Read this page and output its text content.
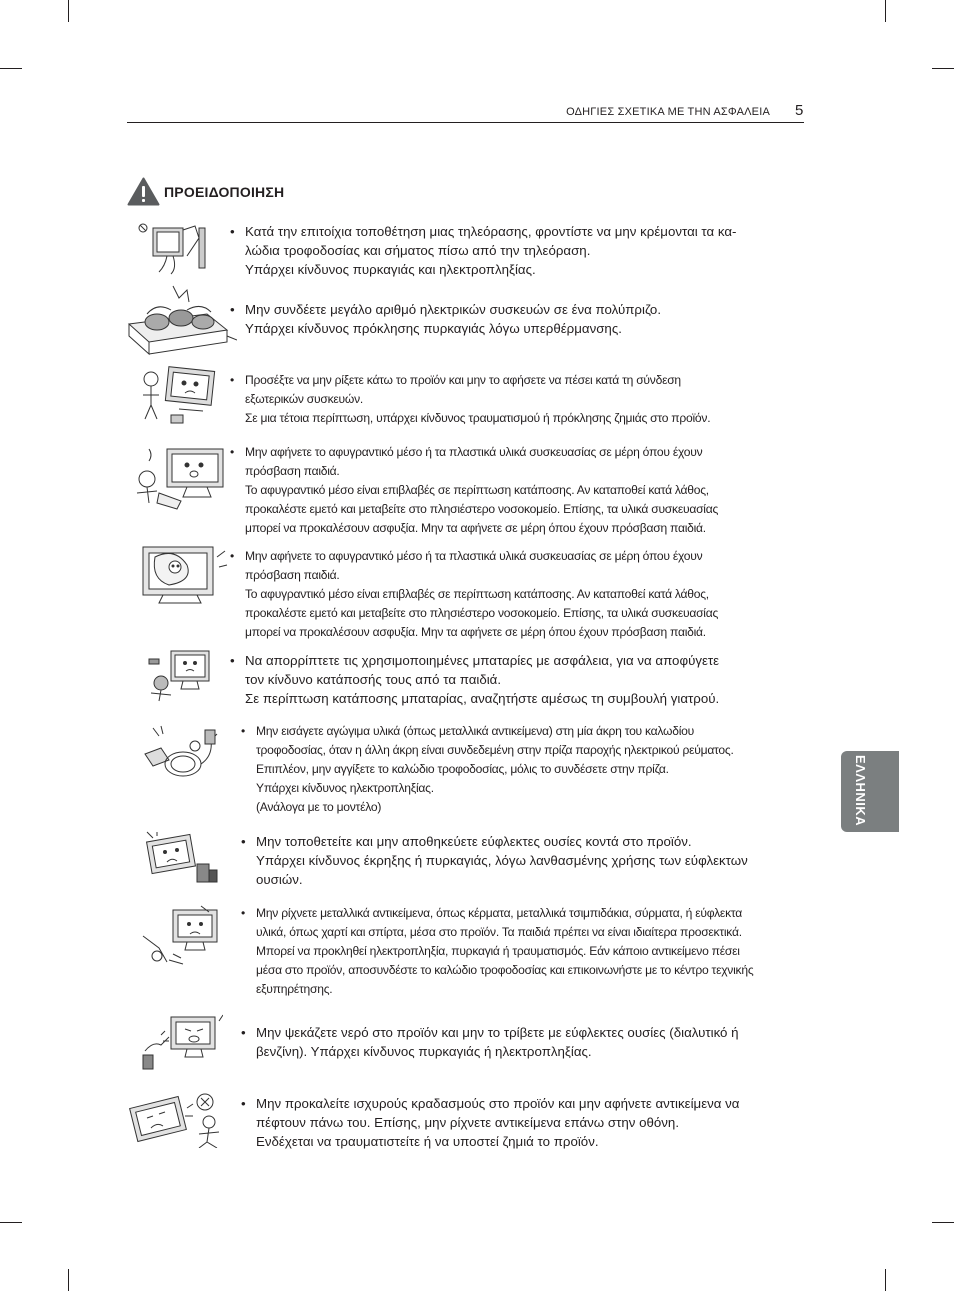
ΟΔΗΓΙΕΣ ΣΧΕΤΙΚΑ ΜΕ ΤΗΝ ΑΣΦΑΛΕΙΑ 5
ΠΡΟΕΙΔΟΠΟΙΗΣΗ
ΕΛΛΗΝΙΚΑ

• Κατά την επιτοίχια τοποθέτηση μιας τηλεόρασης, φροντίστε να μην κρέμονται τα κα-

λώδια τροφοδοσίας και σήματος πίσω από την τηλεόραση.

Υπάρχει κίνδυνος πυρκαγιάς και ηλεκτροπληξίας.

• Μην συνδέετε μεγάλο αριθμό ηλεκτρικών συσκευών σε ένα πολύπριζο.

Υπάρχει κίνδυνος πρόκλησης πυρκαγιάς λόγω υπερθέρμανσης.

• Προσέξτε να μην ρίξετε κάτω το προϊόν και μην το αφήσετε να πέσει κατά τη σύνδεση

εξωτερικών συσκευών.

Σε μια τέτοια περίπτωση, υπάρχει κίνδυνος τραυματισμού ή πρόκλησης ζημιάς στο προϊόν.

• Μην αφήνετε το αφυγραντικό μέσο ή τα πλαστικά υλικά συσκευασίας σε μέρη όπου έχουν

πρόσβαση παιδιά.

Το αφυγραντικό μέσο είναι επιβλαβές σε περίπτωση κατάποσης. Αν καταποθεί κατά λάθος,

προκαλέστε εμετό και μεταβείτε στο πλησιέστερο νοσοκομείο. Επίσης, τα υλικά συσκευασίας

μπορεί να προκαλέσουν ασφυξία. Μην τα αφήνετε σε μέρη όπου έχουν πρόσβαση παιδιά.

• Μην αφήνετε το αφυγραντικό μέσο ή τα πλαστικά υλικά συσκευασίας σε μέρη όπου έχουν

πρόσβαση παιδιά.

Το αφυγραντικό μέσο είναι επιβλαβές σε περίπτωση κατάποσης. Αν καταποθεί κατά λάθος,

προκαλέστε εμετό και μεταβείτε στο πλησιέστερο νοσοκομείο. Επίσης, τα υλικά συσκευασίας

μπορεί να προκαλέσουν ασφυξία. Μην τα αφήνετε σε μέρη όπου έχουν πρόσβαση παιδιά.

• Να απορρίπτετε τις χρησιμοποιημένες μπαταρίες με ασφάλεια, για να αποφύγετε

τον κίνδυνο κατάποσής τους από τα παιδιά.

Σε περίπτωση κατάποσης μπαταρίας, αναζητήστε αμέσως τη συμβουλή γιατρού.

• Μην εισάγετε αγώγιμα υλικά (όπως μεταλλικά αντικείμενα) στη μία άκρη του καλωδίου

τροφοδοσίας, όταν η άλλη άκρη είναι συνδεδεμένη στην πρίζα παροχής ηλεκτρικού ρεύματος.

Επιπλέον, μην αγγίξετε το καλώδιο τροφοδοσίας, μόλις το συνδέσετε στην πρίζα.

Υπάρχει κίνδυνος ηλεκτροπληξίας.

(Ανάλογα με το μοντέλο)

• Μην τοποθετείτε και μην αποθηκεύετε εύφλεκτες ουσίες κοντά στο προϊόν.

Υπάρχει κίνδυνος έκρηξης ή πυρκαγιάς, λόγω λανθασμένης χρήσης των εύφλεκτων

ουσιών.

• Μην ρίχνετε μεταλλικά αντικείμενα, όπως κέρματα, μεταλλικά τσιμπιδάκια, σύρματα, ή εύφλεκτα

υλικά, όπως χαρτί και σπίρτα, μέσα στο προϊόν. Τα παιδιά πρέπει να είναι ιδιαίτερα προσεκτικά.

Μπορεί να προκληθεί ηλεκτροπληξία, πυρκαγιά ή τραυματισμός. Εάν κάποιο αντικείμενο πέσει

μέσα στο προϊόν, αποσυνδέστε το καλώδιο τροφοδοσίας και επικοινωνήστε με το κέντρο τεχνικής

εξυπηρέτησης.

• Μην ψεκάζετε νερό στο προϊόν και μην το τρίβετε με εύφλεκτες ουσίες (διαλυτικό ή

βενζίνη). Υπάρχει κίνδυνος πυρκαγιάς ή ηλεκτροπληξίας.

• Μην προκαλείτε ισχυρούς κραδασμούς στο προϊόν και μην αφήνετε αντικείμενα να

πέφτουν πάνω του. Επίσης, μην ρίχνετε αντικείμενα επάνω στην οθόνη.

Ενδέχεται να τραυματιστείτε ή να υποστεί ζημιά το προϊόν.
